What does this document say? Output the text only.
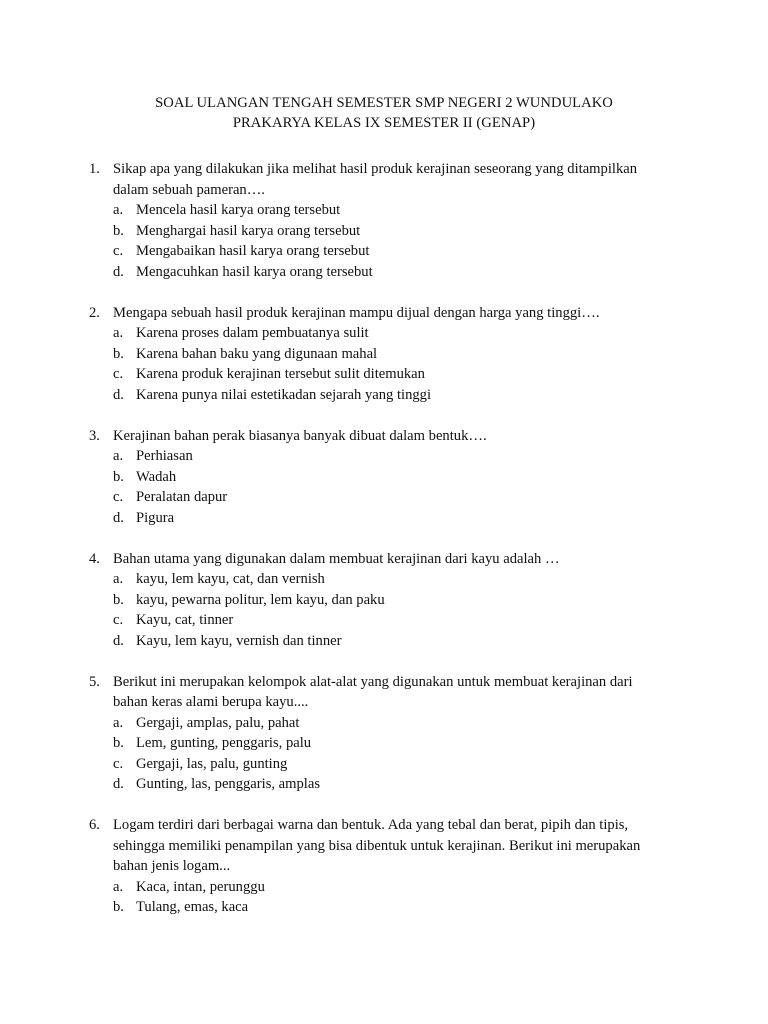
SOAL ULANGAN TENGAH SEMESTER SMP NEGERI 2 WUNDULAKO
PRAKARYA KELAS IX SEMESTER II (GENAP)
1. Sikap apa yang dilakukan jika melihat hasil produk kerajinan seseorang yang ditampilkan dalam sebuah pameran….
a. Mencela hasil karya orang tersebut
b. Menghargai hasil karya orang tersebut
c. Mengabaikan hasil karya orang tersebut
d. Mengacuhkan hasil karya orang tersebut
2. Mengapa sebuah hasil produk kerajinan mampu dijual dengan harga yang tinggi….
a. Karena proses dalam pembuatanya sulit
b. Karena bahan baku yang digunaan mahal
c. Karena produk kerajinan tersebut sulit ditemukan
d. Karena punya nilai estetikadan sejarah yang tinggi
3. Kerajinan bahan perak biasanya banyak dibuat dalam bentuk….
a. Perhiasan
b. Wadah
c. Peralatan dapur
d. Pigura
4. Bahan utama yang digunakan dalam membuat kerajinan dari kayu adalah …
a. kayu, lem kayu, cat, dan vernish
b. kayu, pewarna politur, lem kayu, dan paku
c. Kayu, cat, tinner
d. Kayu, lem kayu, vernish dan tinner
5. Berikut ini merupakan kelompok alat-alat yang digunakan untuk membuat kerajinan dari bahan keras alami berupa kayu....
a. Gergaji, amplas, palu, pahat
b. Lem, gunting, penggaris, palu
c. Gergaji, las, palu, gunting
d. Gunting, las, penggaris, amplas
6. Logam terdiri dari berbagai warna dan bentuk. Ada yang tebal dan berat, pipih dan tipis, sehingga memiliki penampilan yang bisa dibentuk untuk kerajinan. Berikut ini merupakan bahan jenis logam...
a. Kaca, intan, perunggu
b. Tulang, emas, kaca
